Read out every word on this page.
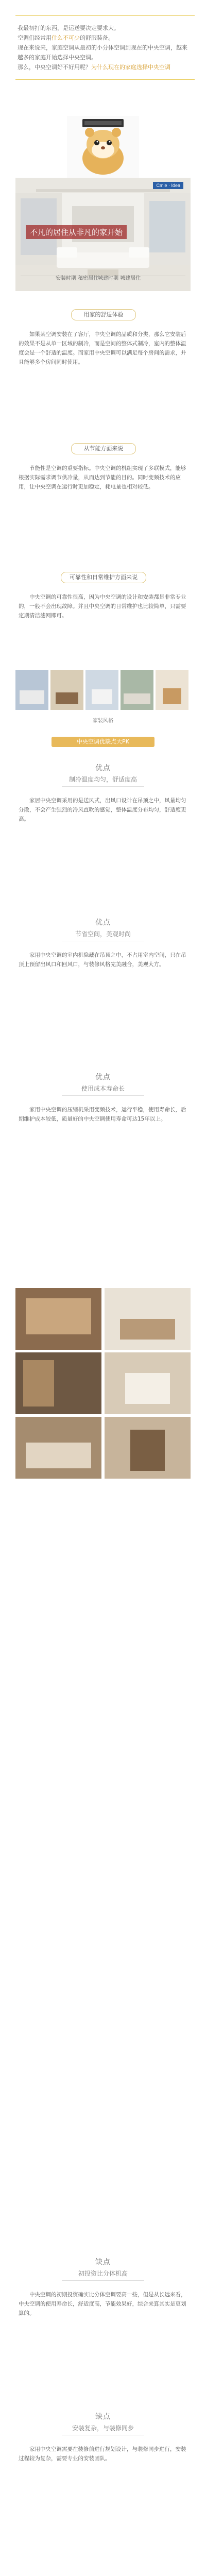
我最初打的东西，是运送要决定要求大。
空调们经常用什么不可少的舒服装备。
现在来说来，家庭空调从最初的小分体空调到现在的中央空调，越来越多的家庭开始选择中央空调。
那么，中央空调好不好用呢？为什么现在的家庭选择中央空调
Cmie · Idea
不凡的居住从非凡的家开始
安装时期 秘密居住
城建时期 城建居住
用家的舒适体验
如果某空调安装在了客厅，中央空调的品质和分类，那么它安装后的效果不是从单一区域的制冷，而是空间的整体式制冷，室内的整体温度会是一个舒适的温度。而家用中央空调可以满足每个房间的需求，并且能够多个房间同时使用。
从节能方面来说
节能性是空调的重要指标。中央空调的机组实现了多联模式，能够根据实际需求调节供冷量，从而达到节能的目的。同时变频技术的应用，让中央空调在运行时更加稳定，耗电量也相对较低。
可靠性和日常维护方面来说
中央空调的可靠性很高，因为中央空调的设计和安装都是非常专业的，一般不会出现故障。并且中央空调的日常维护也比较简单，只需要定期清洁滤网即可。
家装风格
中央空调优缺点大PK
优点
制冷温度均匀，舒适度高
家居中央空调采用的是送风式，出风口设计在吊顶之中，风量均匀分散，不会产生强烈的冷风直吹的感觉，整体温度分布均匀，舒适度更高。
优点
节省空间，美观时尚
家用中央空调的室内机隐藏在吊顶之中，不占用室内空间，只在吊顶上预留出风口和回风口，与装修风格完美融合，美观大方。
优点
使用成本寿命长
家用中央空调的压缩机采用变频技术，运行平稳，使用寿命长，后期维护成本较低，质量好的中央空调使用寿命可达15年以上。
缺点
初投资比分体机高
中央空调的初期投资确实比分体空调要高一些，但是从长远来看，中央空调的使用寿命长，舒适度高，节能效果好，综合来算其实是更划算的。
缺点
安装复杂，与装修同步
家用中央空调需要在装修前进行规划设计，与装修同步进行，安装过程较为复杂，需要专业的安装团队。
